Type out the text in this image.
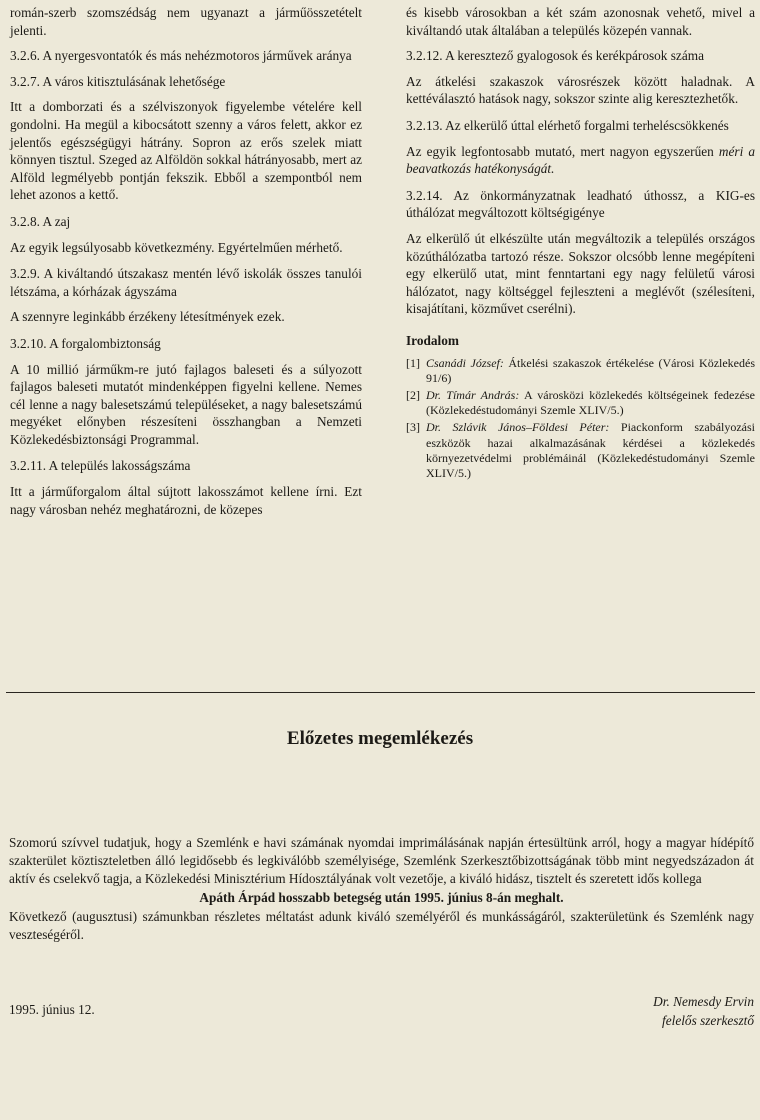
román-szerb szomszédság nem ugyanazt a járműösszetételt jelenti.

3.2.6. A nyergesvontatók és más nehézmotoros járművek aránya
3.2.7. A város kitisztulásának lehetősége

Itt a domborzati és a szélviszonyok figyelembe vételére kell gondolni. Ha megül a kibocsátott szenny a város felett, akkor ez jelentős egészségügyi hátrány. Sopron az erős szelek miatt könnyen tisztul. Szeged az Alföldön sokkal hátrányosabb, mert az Alföld legmélyebb pontján fekszik. Ebből a szempontból nem lehet azonos a kettő.

3.2.8. A zaj

Az egyik legsúlyosabb következmény. Egyértelműen mérhető.

3.2.9. A kiváltandó útszakasz mentén lévő iskolák összes tanulói létszáma, a kórházak ágyszáma

A szennyre leginkább érzékeny létesítmények ezek.

3.2.10. A forgalombiztonság

A 10 millió járműkm-re jutó fajlagos baleseti és a súlyozott fajlagos baleseti mutatót mindenképpen figyelni kellene. Nemes cél lenne a nagy balesetszámú településeket, a nagy balesetszámú megyéket előnyben részesíteni összhangban a Nemzeti Közlekedésbiztonsági Programmal.

3.2.11. A település lakosságszáma

Itt a járműforgalom által sújtott lakosszámot kellene írni. Ezt nagy városban nehéz meghatározni, de közepes

és kisebb városokban a két szám azonosnak vehető, mivel a kiváltandó utak általában a település közepén vannak.

3.2.12. A keresztező gyalogosok és kerékpárosok száma

Az átkelési szakaszok városrészek között haladnak. A kettéválasztó hatások nagy, sokszor szinte alig keresztezhetők.

3.2.13. Az elkerülő úttal elérhető forgalmi terheléscsökkenés

Az egyik legfontosabb mutató, mert nagyon egyszerűen méri a beavatkozás hatékonyságát.

3.2.14. Az önkormányzatnak leadható úthossz, a KIG-es úthálózat megváltozott költségigénye

Az elkerülő út elkészülte után megváltozik a település országos közúthálózatba tartozó része. Sokszor olcsóbb lenne megépíteni egy elkerülő utat, mint fenntartani egy nagy felületű városi hálózatot, nagy költséggel fejleszteni a meglévőt (szélesíteni, kisajátítani, közművet cserélni).

Irodalom
[1] Csanádi József: Átkelési szakaszok értékelése (Városi Közlekedés 91/6)
[2] Dr. Tímár András: A városközi közlekedés költségeinek fedezése (Közlekedéstudományi Szemle XLIV/5.)
[3] Dr. Szlávik János–Földesi Péter: Piackonform szabályozási eszközök hazai alkalmazásának kérdései a közlekedés környezetvédelmi problémáinál (Közlekedéstudományi Szemle XLIV/5.)
Előzetes megemlékezés

Szomorú szívvel tudatjuk, hogy a Szemlénk e havi számának nyomdai imprimálásának napján értesültünk arról, hogy a magyar hídépítő szakterület köztiszteletben álló legidősebb és legkiválóbb személyisége, Szemlénk Szerkesztőbizottságának több mint negyedszázadon át aktív és cselekvő tagja, a Közlekedési Minisztérium Hídosztályának volt vezetője, a kiváló hidász, tisztelt és szeretett idős kollega

Apáth Árpád hosszabb betegség után 1995. június 8-án meghalt.

Következő (augusztusi) számunkban részletes méltatást adunk kiváló személyéről és munkásságáról, szakterületünk és Szemlénk nagy veszteségéről.

1995. június 12.
Dr. Nemesdy Ervin
felelős szerkesztő
